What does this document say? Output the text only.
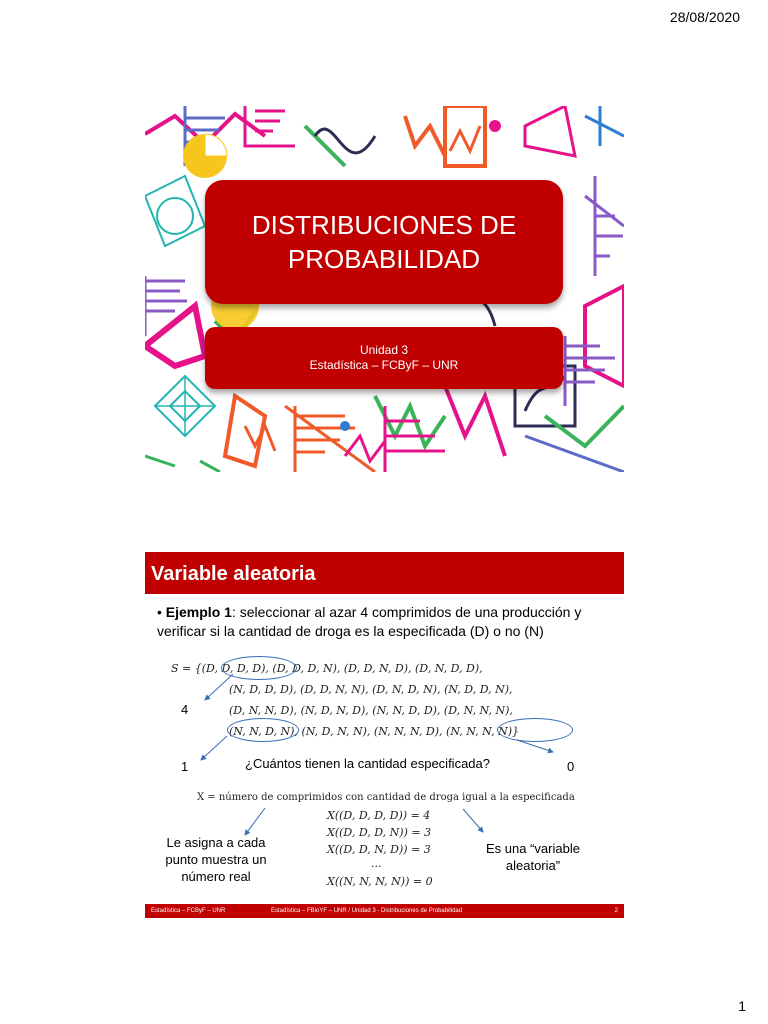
28/08/2020
DISTRIBUCIONES DE
PROBABILIDAD
Unidad 3
Estadística – FCByF – UNR
Variable aleatoria
• Ejemplo 1: seleccionar al azar 4 comprimidos de una producción y
verificar si la cantidad de droga es la especificada (D) o no (N)
S = {(D, D, D, D), (D, D, D, N), (D, D, N, D), (D, N, D, D),
(N, D, D, D), (D, D, N, N), (D, N, D, N), (N, D, D, N),
(D, N, N, D), (N, D, N, D), (N, N, D, D), (D, N, N, N),
(N, N, D, N), (N, D, N, N), (N, N, N, D), (N, N, N, N)}
4
1	0
¿Cuántos tienen la cantidad especificada?
X = número de comprimidos con cantidad de droga igual a la especificada
X((D, D, D, D)) = 4
X((D, D, D, N)) = 3
X((D, D, N, D)) = 3
...
X((N, N, N, N)) = 0
Le asigna a cada
punto muestra un
número real
Es una “variable
aleatoria”
Estadística – FCByF – UNR	Estadística – FBioYF – UNR / Unidad 3 - Distribuciones de Probabilidad	2
1
